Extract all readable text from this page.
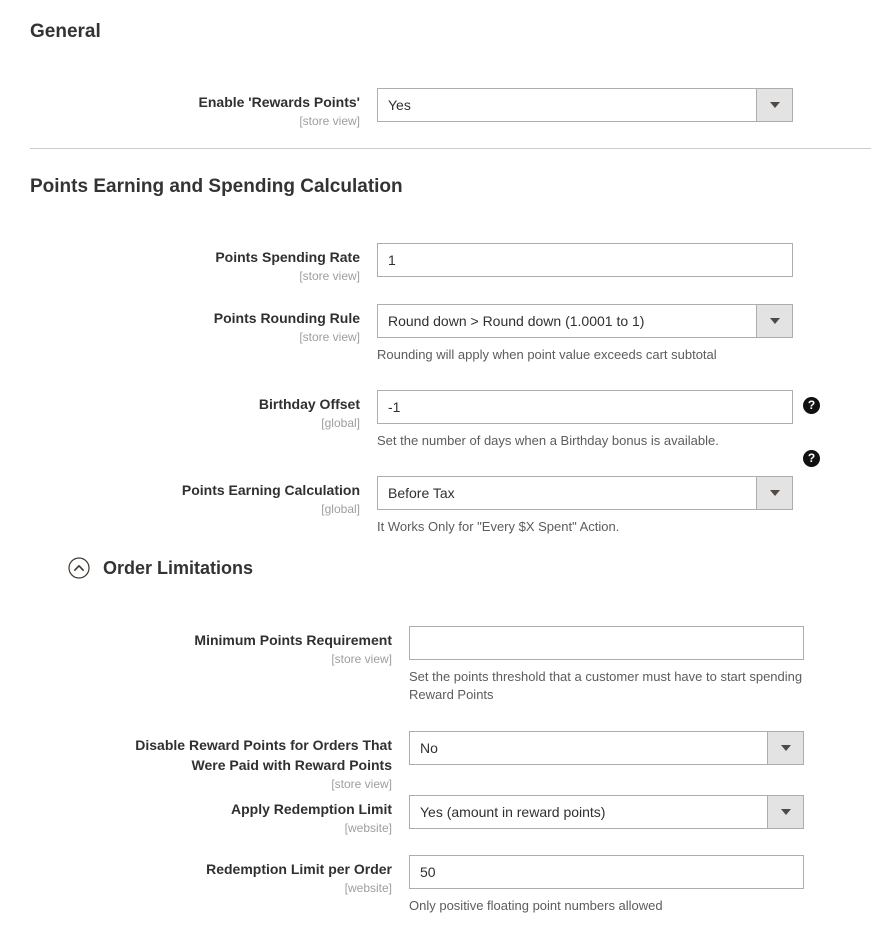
General
Enable 'Rewards Points'
[store view]
Yes
Points Earning and Spending Calculation
Points Spending Rate
[store view]
1
Points Rounding Rule
[store view]
Round down > Round down (1.0001 to 1)
Rounding will apply when point value exceeds cart subtotal
Birthday Offset
[global]
-1
Set the number of days when a Birthday bonus is available.
?
?
Points Earning Calculation
[global]
Before Tax
It Works Only for "Every $X Spent" Action.
Order Limitations
Minimum Points Requirement
[store view]
Set the points threshold that a customer must have to start spending Reward Points
Disable Reward Points for Orders That Were Paid with Reward Points
[store view]
No
Apply Redemption Limit
[website]
Yes (amount in reward points)
Redemption Limit per Order
[website]
50
Only positive floating point numbers allowed
